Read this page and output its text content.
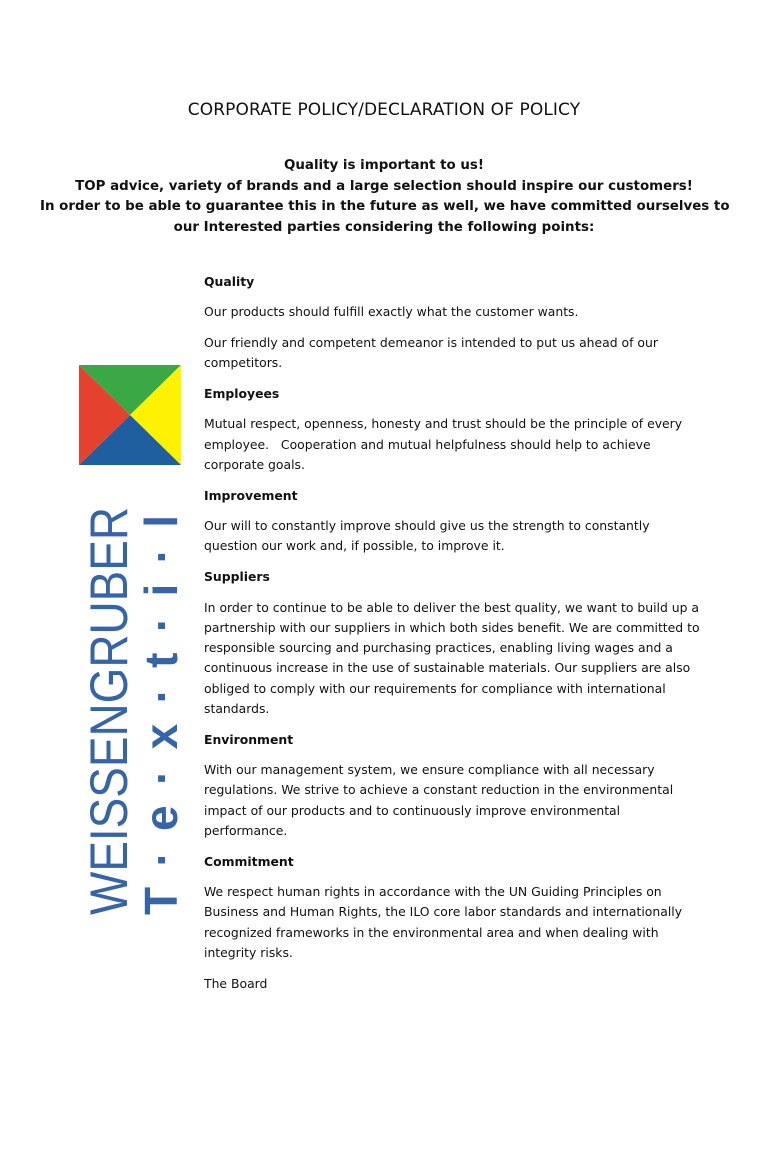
CORPORATE POLICY/DECLARATION OF POLICY
Quality is important to us!
TOP advice, variety of brands and a large selection should inspire our customers!
In order to be able to guarantee this in the future as well, we have committed ourselves to
our Interested parties considering the following points:
WEISSENGRUBER
T·e·x·t·i·l

Quality

Our products should fulfill exactly what the customer wants.

Our friendly and competent demeanor is intended to put us ahead of our competitors.

Employees

Mutual respect, openness, honesty and trust should be the principle of every employee.   Cooperation and mutual helpfulness should help to achieve corporate goals.

Improvement

Our will to constantly improve should give us the strength to constantly question our work and, if possible, to improve it.

Suppliers

In order to continue to be able to deliver the best quality, we want to build up a partnership with our suppliers in which both sides benefit. We are committed to responsible sourcing and purchasing practices, enabling living wages and a continuous increase in the use of sustainable materials. Our suppliers are also obliged to comply with our requirements for compliance with international standards.

Environment

With our management system, we ensure compliance with all necessary regulations. We strive to achieve a constant reduction in the environmental impact of our products and to continuously improve environmental performance.

Commitment

We respect human rights in accordance with the UN Guiding Principles on Business and Human Rights, the ILO core labor standards and internationally recognized frameworks in the environmental area and when dealing with integrity risks.

The Board
